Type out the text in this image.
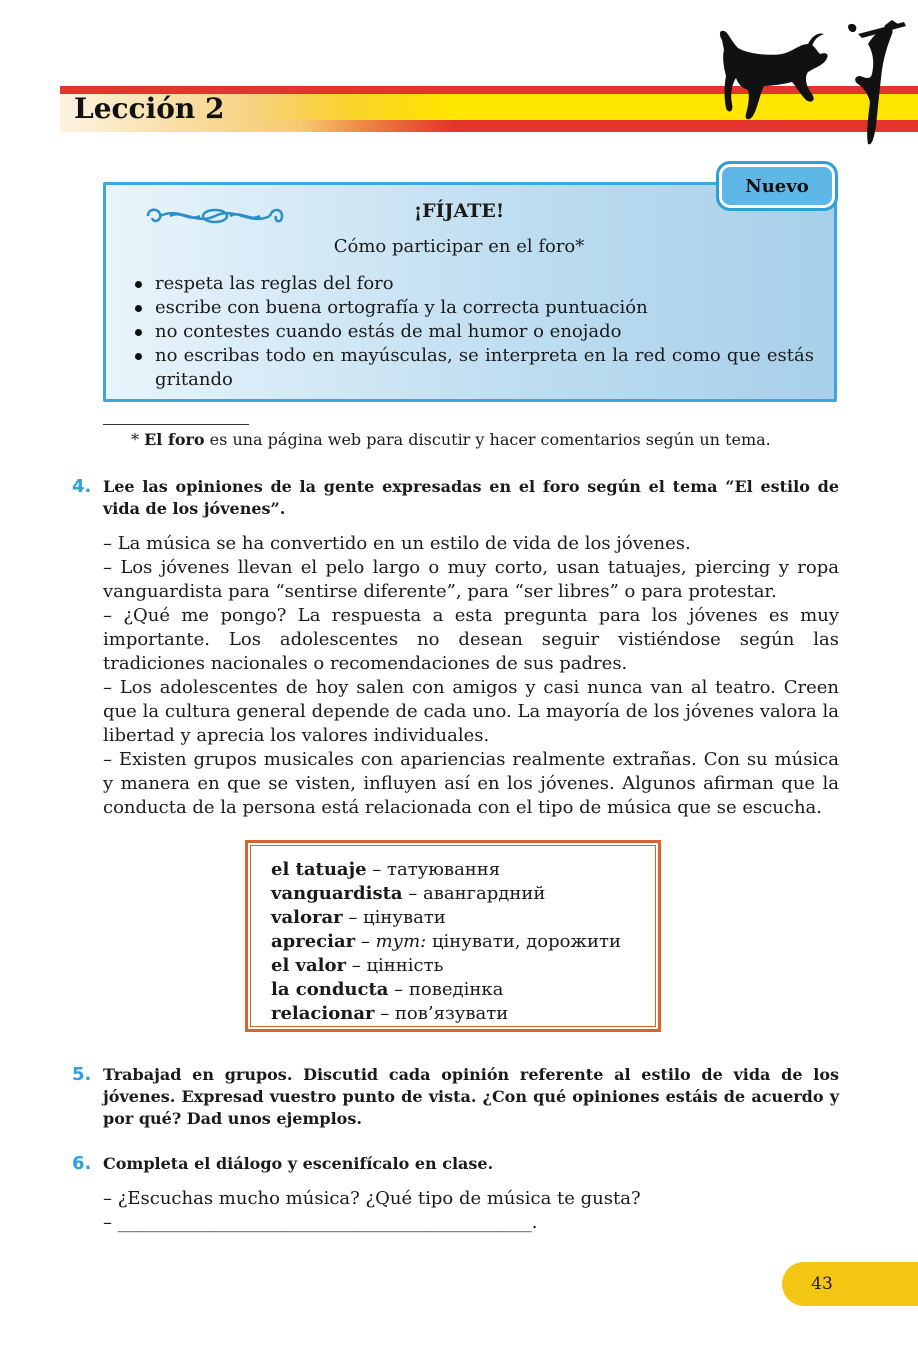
Lección 2

¡FÍJATE!

Cómo participar en el foro*

respeta las reglas del foro
escribe con buena ortografía y la correcta puntuación
no contestes cuando estás de mal humor o enojado
no escribas todo en mayúsculas, se interpreta en la red como que estás gritando
Nuevo

* El foro es una página web para discutir y hacer comentarios según un tema.

4. Lee las opiniones de la gente expresadas en el foro según el tema “El estilo de vida de los jóvenes”.

– La música se ha convertido en un estilo de vida de los jóvenes.

– Los jóvenes llevan el pelo largo o muy corto, usan tatuajes, piercing y ropa vanguardista para “sentirse diferente”, para “ser libres” o para protestar.

– ¿Qué me pongo? La respuesta a esta pregunta para los jóvenes es muy importante. Los adolescentes no desean seguir vistiéndose según las tradiciones nacionales o recomendaciones de sus padres.

– Los adolescentes de hoy salen con amigos y casi nunca van al teatro. Creen que la cultura general depende de cada uno. La mayoría de los jóvenes valora la libertad y aprecia los valores individuales.

– Existen grupos musicales con apariencias realmente extrañas. Con su música y manera en que se visten, influyen así en los jóvenes. Algunos afirman que la conducta de la persona está relacionada con el tipo de música que se escucha.

el tatuaje – татуювання
vanguardista – авангардний
valorar – цінувати
apreciar – тут: цінувати, дорожити
el valor – цінність
la conducta – поведінка
relacionar – пов’язувати
5. Trabajad en grupos. Discutid cada opinión referente al estilo de vida de los jóvenes. Expresad vuestro punto de vista. ¿Con qué opiniones estáis de acuerdo y por qué? Dad unos ejemplos.

6. Completa el diálogo y escenifícalo en clase.

– ¿Escuchas mucho música? ¿Qué tipo de música te gusta?
– ______________________________________________.
43
